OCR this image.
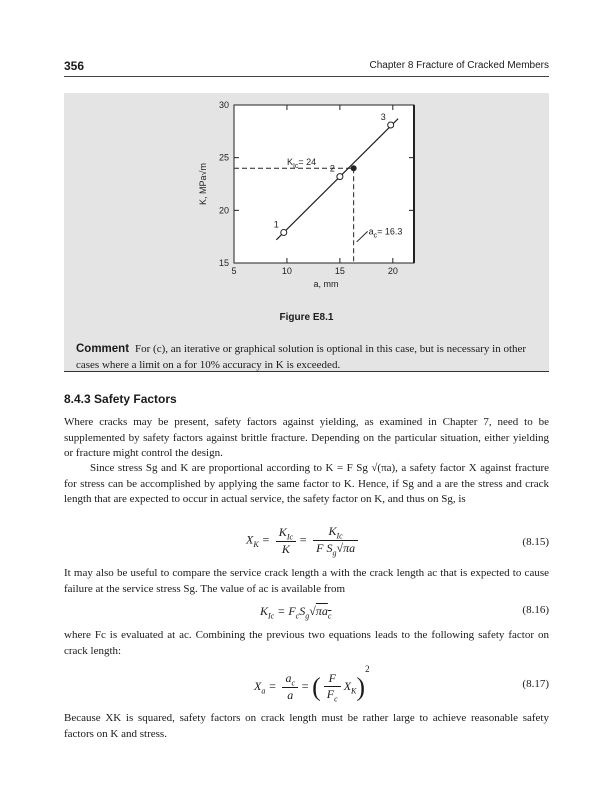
356	Chapter 8 Fracture of Cracked Members
5	10	15	20
15
20
25
30
a, mm
K, MPa√m
1
2
3
$K_{Ic}= 24$
$a_c= 16.3$
Figure E8.1
Comment For (c), an iterative or graphical solution is optional in this case, but is necessary in other cases where a limit on a for 10% accuracy in K is exceeded.
8.4.3 Safety Factors
Where cracks may be present, safety factors against yielding, as examined in Chapter 7, need to be supplemented by safety factors against brittle fracture. Depending on the particular situation, either yielding or fracture might control the design.
Since stress Sg and K are proportional according to K = F Sg √(πa), a safety factor X against fracture for stress can be accomplished by applying the same factor to K. Hence, if Sg and a are the stress and crack length that are expected to occur in actual service, the safety factor on K, and thus on Sg, is
$X_K = \frac{K_{Ic}}{K} = \frac{K_{Ic}}{F S_g√\pi a}$	(8.15)
It may also be useful to compare the service crack length a with the crack length ac that is expected to cause failure at the service stress Sg. The value of ac is available from
$K_{Ic} = F_cS_g√\pi a_c$	(8.16)
where Fc is evaluated at ac. Combining the previous two equations leads to the following safety factor on crack length:
$X_a = \frac{a_c}{a}$ = ( $\frac{F}{F_c} X_K)^2$
(8.17)
Because XK is squared, safety factors on crack length must be rather large to achieve reasonable safety factors on K and stress.
